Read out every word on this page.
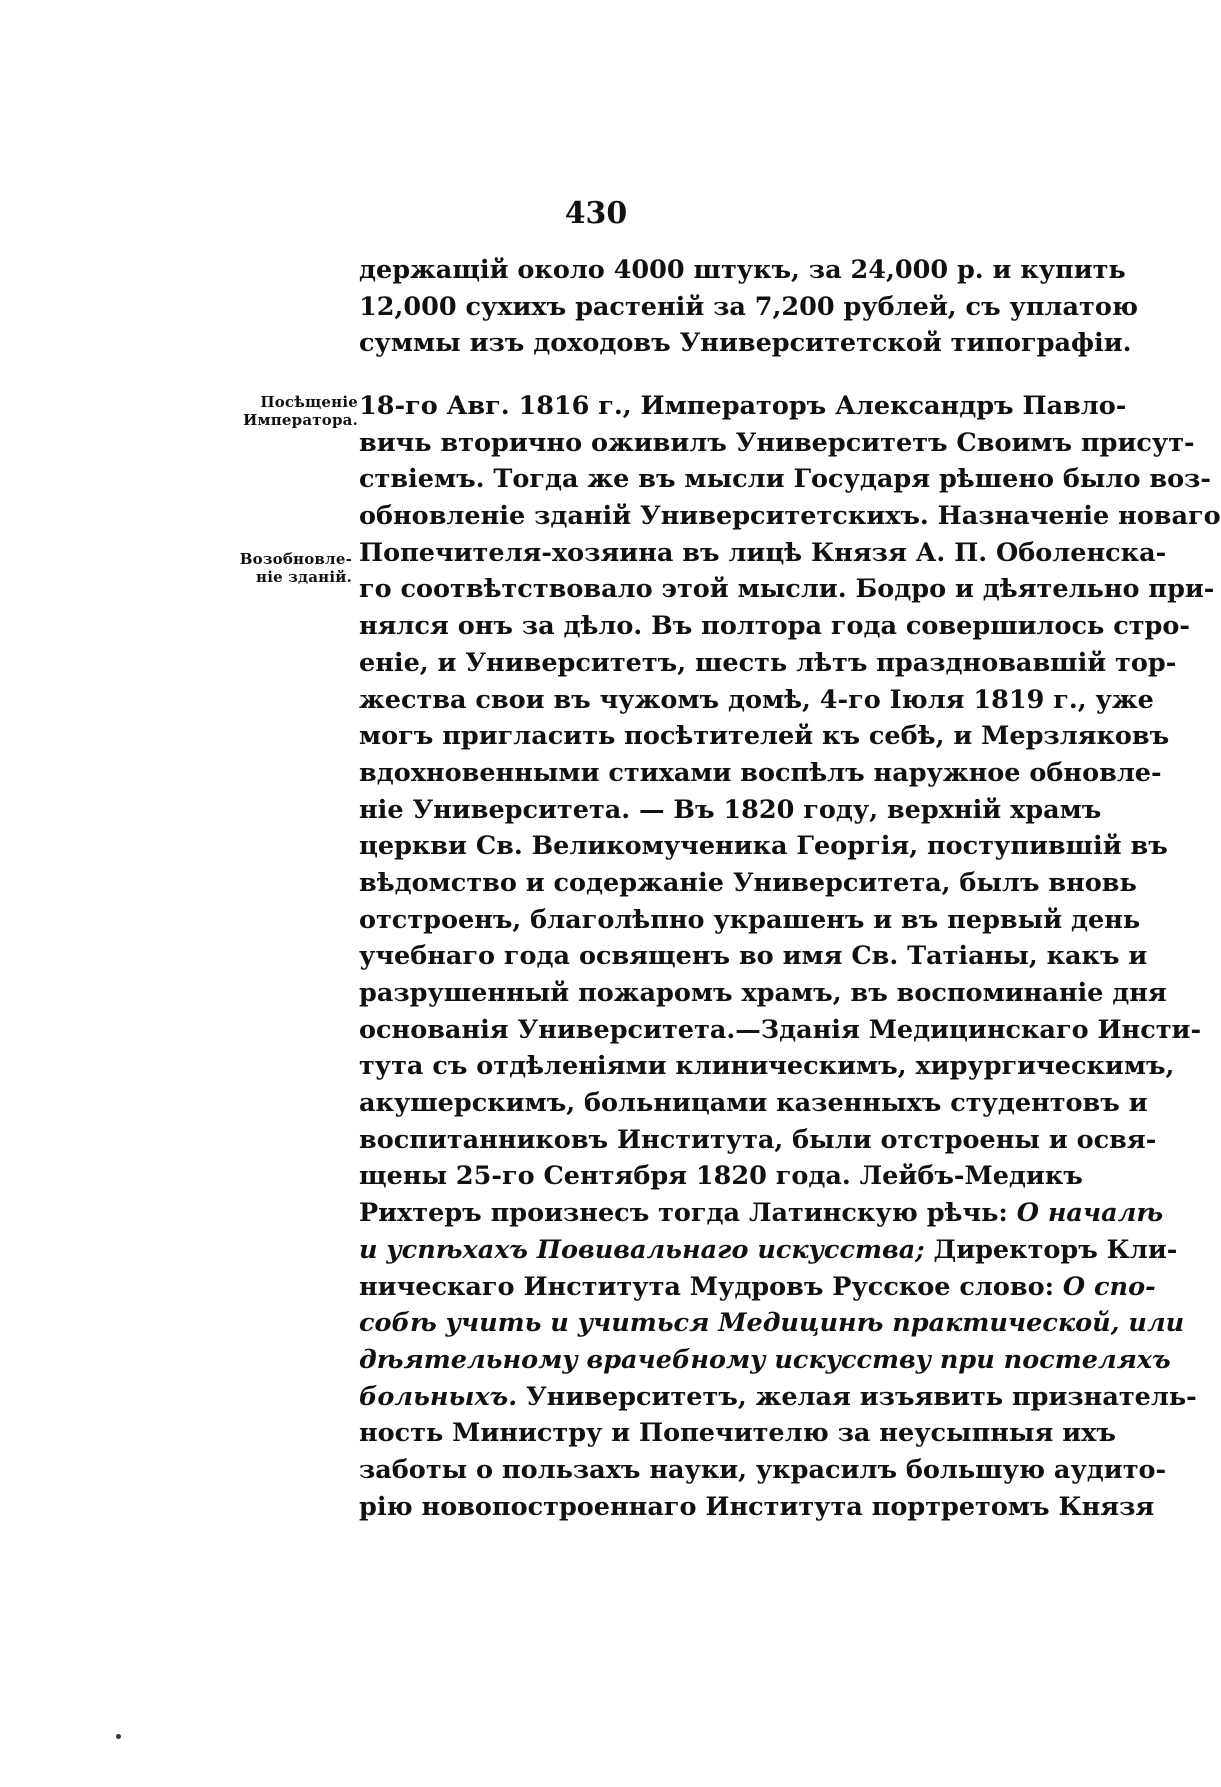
430
держащій около 4000 штукъ, за 24,000 р. и купить
12,000 сухихъ растеній за 7,200 рублей, съ уплатою
суммы изъ доходовъ Университетской типографіи.
Посѣщеніе
Императора.
Возобновле-
ніе зданій.
18-го Авг. 1816 г., Императоръ Александръ Павло-
вичь вторично оживилъ Университетъ Своимъ присут-
ствіемъ. Тогда же въ мысли Государя рѣшено было воз-
обновленіе зданій Университетскихъ. Назначеніе новаго
Попечителя-хозяина въ лицѣ Князя А. П. Оболенска-
го соотвѣтствовало этой мысли. Бодро и дѣятельно при-
нялся онъ за дѣло. Въ полтора года совершилось стро-
еніе, и Университетъ, шесть лѣтъ праздновавшій тор-
жества свои въ чужомъ домѣ, 4-го Іюля 1819 г., уже
могъ пригласить посѣтителей къ себѣ, и Мерзляковъ
вдохновенными стихами воспѣлъ наружное обновле-
ніе Университета. — Въ 1820 году, верхній храмъ
церкви Св. Великомученика Георгія, поступившій въ
вѣдомство и содержаніе Университета, былъ вновь
отстроенъ, благолѣпно украшенъ и въ первый день
учебнаго года освященъ во имя Св. Татіаны, какъ и
разрушенный пожаромъ храмъ, въ воспоминаніе дня
основанія Университета.—Зданія Медицинскаго Инсти-
тута съ отдѣленіями клиническимъ, хирургическимъ,
акушерскимъ, больницами казенныхъ студентовъ и
воспитанниковъ Института, были отстроены и освя-
щены 25-го Сентября 1820 года. Лейбъ-Медикъ
Рихтеръ произнесъ тогда Латинскую рѣчь: О началѣ
и успѣхахъ Повивальнаго искусства; Директоръ Кли-
ническаго Института Мудровъ Русское слово: О спо-
собѣ учить и учиться Медицинѣ практической, или
дѣятельному врачебному искусству при постеляхъ
больныхъ. Университетъ, желая изъявить признатель-
ность Министру и Попечителю за неусыпныя ихъ
заботы о пользахъ науки, украсилъ большую аудито-
рію новопостроеннаго Института портретомъ Князя
